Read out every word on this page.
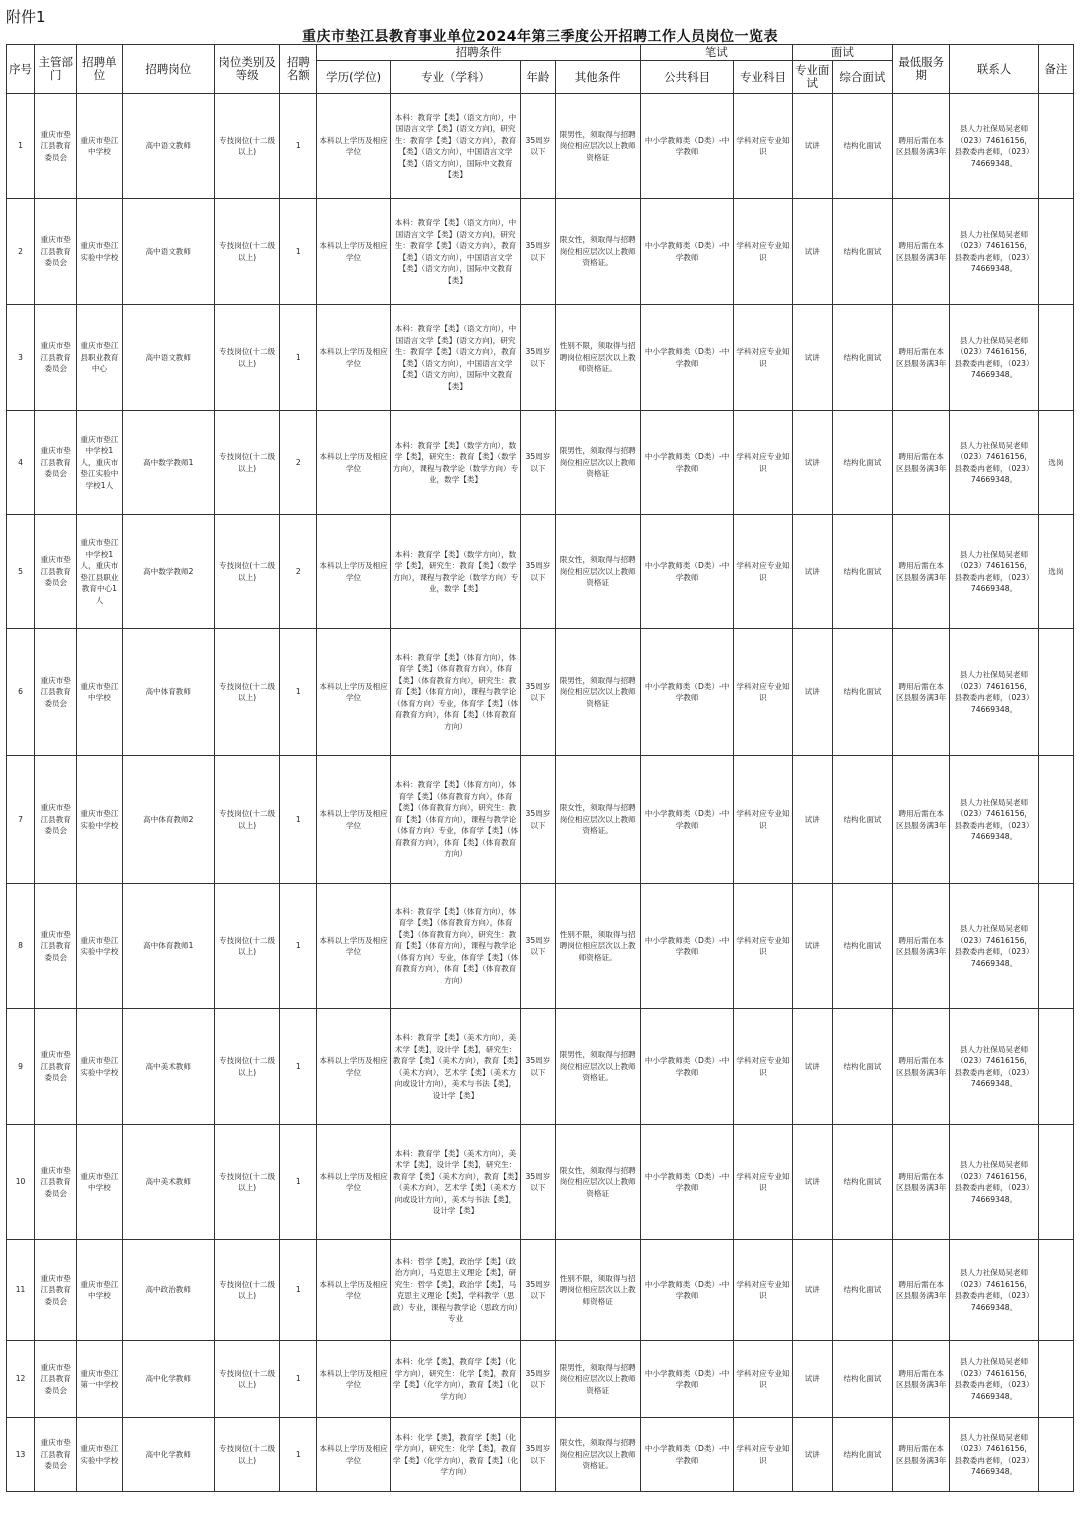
附件1
重庆市垫江县教育事业单位2024年第三季度公开招聘工作人员岗位一览表
序号	主管部门	招聘单位	招聘岗位	岗位类别及等级	招聘名额	招聘条件				笔试		面试		最低服务期	联系人	备注
						学历(学位)	专业（学科）	年龄	其他条件	公共科目	专业科目	专业面试	综合面试			
1	重庆市垫江县教育委员会	重庆市垫江中学校	高中语文教师	专技岗位(十二级以上)	1	本科以上学历及相应学位	本科：教育学【类】（语文方向），中国语言文学【类】(语文方向)，研究生：教育学【类】（语文方向），教育【类】（语文方向），中国语言文学【类】（语文方向），国际中文教育【类】	35周岁以下	限男性，须取得与招聘岗位相应层次以上教师资格证	中小学教师类（D类）-中学教师	学科对应专业知识	试讲	结构化面试	聘用后需在本区县服务满3年	县人力社保局吴老师（023）74616156，县教委冉老师，（023）74669348。	
2	重庆市垫江县教育委员会	重庆市垫江实验中学校	高中语文教师	专技岗位(十二级以上)	1	本科以上学历及相应学位	本科：教育学【类】（语文方向），中国语言文学【类】(语文方向)，研究生：教育学【类】（语文方向），教育【类】（语文方向），中国语言文学【类】（语文方向），国际中文教育【类】	35周岁以下	限女性，须取得与招聘岗位相应层次以上教师资格证。	中小学教师类（D类）-中学教师	学科对应专业知识	试讲	结构化面试	聘用后需在本区县服务满3年	县人力社保局吴老师（023）74616156，县教委冉老师，（023）74669348。	
3	重庆市垫江县教育委员会	重庆市垫江县职业教育中心	高中语文教师	专技岗位(十二级以上)	1	本科以上学历及相应学位	本科：教育学【类】（语文方向），中国语言文学【类】(语文方向)，研究生：教育学【类】（语文方向），教育【类】（语文方向），中国语言文学【类】（语文方向），国际中文教育【类】	35周岁以下	性别不限，须取得与招聘岗位相应层次以上教师资格证。	中小学教师类（D类）-中学教师	学科对应专业知识	试讲	结构化面试	聘用后需在本区县服务满3年	县人力社保局吴老师（023）74616156，县教委冉老师，（023）74669348。	
4	重庆市垫江县教育委员会	重庆市垫江中学校1人，重庆市垫江实验中学校1人	高中数学教师1	专技岗位(十二级以上)	2	本科以上学历及相应学位	本科：教育学【类】（数学方向），数学【类】，研究生：教育【类】（数学方向），课程与教学论（数学方向）专业，数学【类】	35周岁以下	限男性，须取得与招聘岗位相应层次以上教师资格证	中小学教师类（D类）-中学教师	学科对应专业知识	试讲	结构化面试	聘用后需在本区县服务满3年	县人力社保局吴老师（023）74616156，县教委冉老师，（023）74669348。	选岗
5	重庆市垫江县教育委员会	重庆市垫江中学校1人，重庆市垫江县职业教育中心1人	高中数学教师2	专技岗位(十二级以上)	2	本科以上学历及相应学位	本科：教育学【类】（数学方向），数学【类】，研究生：教育【类】（数学方向），课程与教学论（数学方向）专业，数学【类】	35周岁以下	限女性，须取得与招聘岗位相应层次以上教师资格证	中小学教师类（D类）-中学教师	学科对应专业知识	试讲	结构化面试	聘用后需在本区县服务满3年	县人力社保局吴老师（023）74616156，县教委冉老师，（023）74669348。	选岗
6	重庆市垫江县教育委员会	重庆市垫江中学校	高中体育教师	专技岗位(十二级以上)	1	本科以上学历及相应学位	本科：教育学【类】（体育方向），体育学【类】（体育教育方向），体育【类】（体育教育方向），研究生：教育【类】（体育方向），课程与教学论（体育方向）专业，体育学【类】（体育教育方向），体育【类】（体育教育方向）	35周岁以下	限男性，须取得与招聘岗位相应层次以上教师资格证	中小学教师类（D类）-中学教师	学科对应专业知识	试讲	结构化面试	聘用后需在本区县服务满3年	县人力社保局吴老师（023）74616156，县教委冉老师，（023）74669348。	
7	重庆市垫江县教育委员会	重庆市垫江实验中学校	高中体育教师2	专技岗位(十二级以上)	1	本科以上学历及相应学位	本科：教育学【类】（体育方向），体育学【类】（体育教育方向），体育【类】（体育教育方向），研究生：教育【类】（体育方向），课程与教学论（体育方向）专业，体育学【类】（体育教育方向），体育【类】（体育教育方向）	35周岁以下	限女性，须取得与招聘岗位相应层次以上教师资格证。	中小学教师类（D类）-中学教师	学科对应专业知识	试讲	结构化面试	聘用后需在本区县服务满3年	县人力社保局吴老师（023）74616156，县教委冉老师，（023）74669348。	
8	重庆市垫江县教育委员会	重庆市垫江实验中学校	高中体育教师1	专技岗位(十二级以上)	1	本科以上学历及相应学位	本科：教育学【类】（体育方向），体育学【类】（体育教育方向），体育【类】（体育教育方向），研究生：教育【类】（体育方向），课程与教学论（体育方向）专业，体育学【类】（体育教育方向），体育【类】（体育教育方向）	35周岁以下	性别不限，须取得与招聘岗位相应层次以上教师资格证。	中小学教师类（D类）-中学教师	学科对应专业知识	试讲	结构化面试	聘用后需在本区县服务满3年	县人力社保局吴老师（023）74616156，县教委冉老师，（023）74669348。	
9	重庆市垫江县教育委员会	重庆市垫江实验中学校	高中美术教师	专技岗位(十二级以上)	1	本科以上学历及相应学位	本科：教育学【类】（美术方向），美术学【类】，设计学【类】，研究生：教育学【类】（美术方向），教育【类】（美术方向），艺术学【类】（美术方向或设计方向），美术与书法【类】，设计学【类】	35周岁以下	限男性，须取得与招聘岗位相应层次以上教师资格证。	中小学教师类（D类）-中学教师	学科对应专业知识	试讲	结构化面试	聘用后需在本区县服务满3年	县人力社保局吴老师（023）74616156，县教委冉老师，（023）74669348。	
10	重庆市垫江县教育委员会	重庆市垫江中学校	高中美术教师	专技岗位(十二级以上)	1	本科以上学历及相应学位	本科：教育学【类】（美术方向），美术学【类】，设计学【类】，研究生：教育学【类】（美术方向），教育【类】（美术方向），艺术学【类】（美术方向或设计方向），美术与书法【类】，设计学【类】	35周岁以下	限女性，须取得与招聘岗位相应层次以上教师资格证	中小学教师类（D类）-中学教师	学科对应专业知识	试讲	结构化面试	聘用后需在本区县服务满3年	县人力社保局吴老师（023）74616156，县教委冉老师，（023）74669348。	
11	重庆市垫江县教育委员会	重庆市垫江中学校	高中政治教师	专技岗位(十二级以上)	1	本科以上学历及相应学位	本科：哲学【类】，政治学【类】（政治方向），马克思主义理论【类】，研究生：哲学【类】，政治学【类】，马克思主义理论【类】，学科教学（思政）专业，课程与教学论（思政方向）专业	35周岁以下	性别不限，须取得与招聘岗位相应层次以上教师资格证	中小学教师类（D类）-中学教师	学科对应专业知识	试讲	结构化面试	聘用后需在本区县服务满3年	县人力社保局吴老师（023）74616156，县教委冉老师，（023）74669348。	
12	重庆市垫江县教育委员会	重庆市垫江第一中学校	高中化学教师	专技岗位(十二级以上)	1	本科以上学历及相应学位	本科：化学【类】，教育学【类】（化学方向），研究生：化学【类】，教育学【类】（化学方向），教育【类】（化学方向）	35周岁以下	限男性，须取得与招聘岗位相应层次以上教师资格证	中小学教师类（D类）-中学教师	学科对应专业知识	试讲	结构化面试	聘用后需在本区县服务满3年	县人力社保局吴老师（023）74616156，县教委冉老师，（023）74669348。	
13	重庆市垫江县教育委员会	重庆市垫江实验中学校	高中化学教师	专技岗位(十二级以上)	1	本科以上学历及相应学位	本科：化学【类】，教育学【类】（化学方向），研究生：化学【类】，教育学【类】（化学方向），教育【类】（化学方向）	35周岁以下	限女性，须取得与招聘岗位相应层次以上教师资格证。	中小学教师类（D类）-中学教师	学科对应专业知识	试讲	结构化面试	聘用后需在本区县服务满3年	县人力社保局吴老师（023）74616156，县教委冉老师，（023）74669348。	
